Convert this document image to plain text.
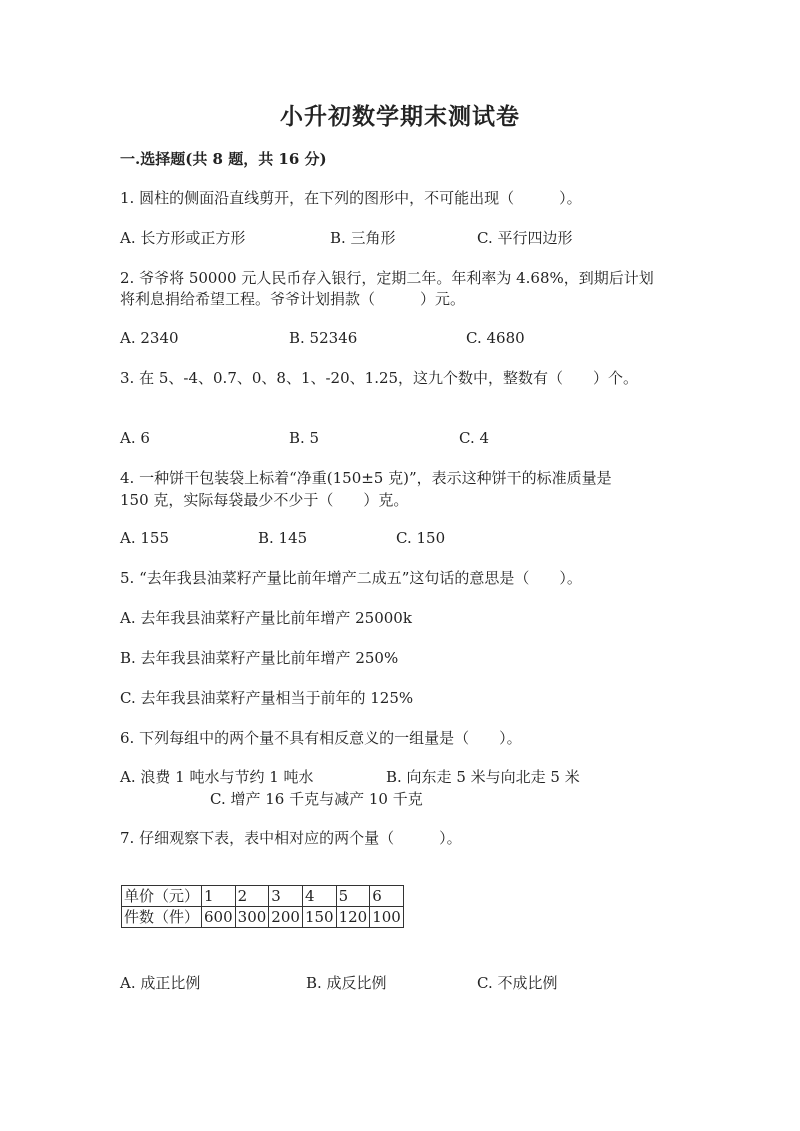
小升初数学期末测试卷
一.选择题(共 8 题，共 16 分)
1. 圆柱的侧面沿直线剪开，在下列的图形中，不可能出现（　　　）。
A. 长方形或正方形	B. 三角形	C. 平行四边形
2. 爷爷将 50000 元人民币存入银行，定期二年。年利率为 4.68%，到期后计划
将利息捐给希望工程。爷爷计划捐款（　　　）元。
A. 2340	B. 52346	C. 4680
3. 在 5、-4、0.7、0、8、1、-20、1.25，这九个数中，整数有（　　）个。
A. 6	B. 5	C. 4
4. 一种饼干包装袋上标着“净重(150±5 克)”，表示这种饼干的标准质量是
150 克，实际每袋最少不少于（　　）克。
A. 155	B. 145	C. 150
5. “去年我县油菜籽产量比前年增产二成五”这句话的意思是（　　）。
A. 去年我县油菜籽产量比前年增产 25000k
B. 去年我县油菜籽产量比前年增产 250%
C. 去年我县油菜籽产量相当于前年的 125%
6. 下列每组中的两个量不具有相反意义的一组量是（　　）。
A. 浪费 1 吨水与节约 1 吨水	B. 向东走 5 米与向北走 5 米
C. 增产 16 千克与减产 10 千克
7. 仔细观察下表，表中相对应的两个量（　　　）。
单价（元）	1	2	3	4	5	6
件数（件）	600	300	200	150	120	100
A. 成正比例	B. 成反比例	C. 不成比例
